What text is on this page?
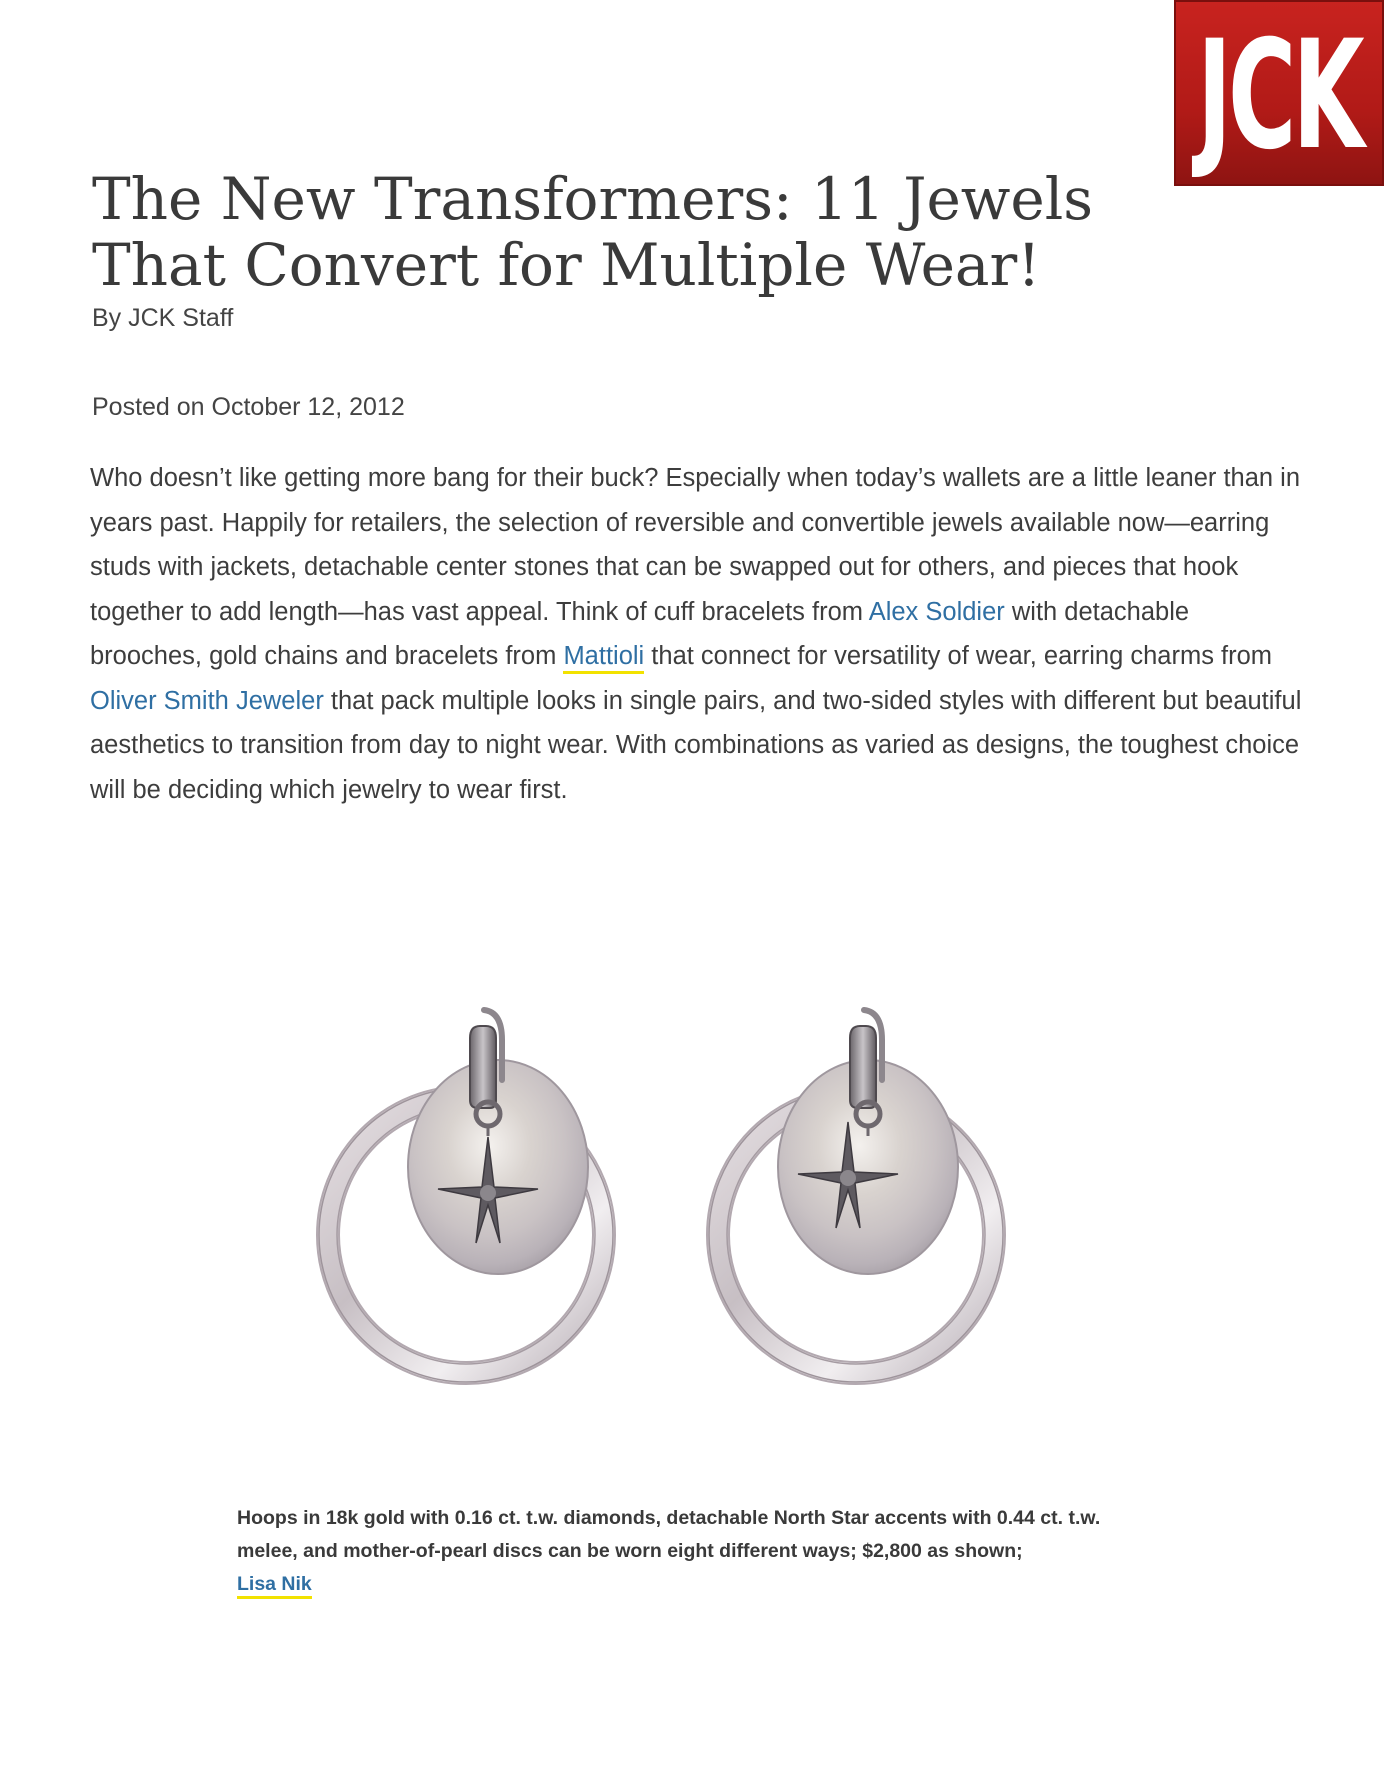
JCK
The New Transformers: 11 Jewels That Convert for Multiple Wear!
By JCK Staff
Posted on October 12, 2012

Who doesn’t like getting more bang for their buck? Especially when today’s wallets are a little leaner than in years past. Happily for retailers, the selection of reversible and convertible jewels available now—earring studs with jackets, detachable center stones that can be swapped out for others, and pieces that hook together to add length—has vast appeal. Think of cuff bracelets from Alex Soldier with detachable brooches, gold chains and bracelets from Mattioli that connect for versatility of wear, earring charms from Oliver Smith Jeweler that pack multiple looks in single pairs, and two-sided styles with different but beautiful aesthetics to transition from day to night wear. With combinations as varied as designs, the toughest choice will be deciding which jewelry to wear first.

Hoops in 18k gold with 0.16 ct. t.w. diamonds, detachable North Star accents with 0.44 ct. t.w. melee, and mother-of-pearl discs can be worn eight different ways; $2,800 as shown;
Lisa Nik
